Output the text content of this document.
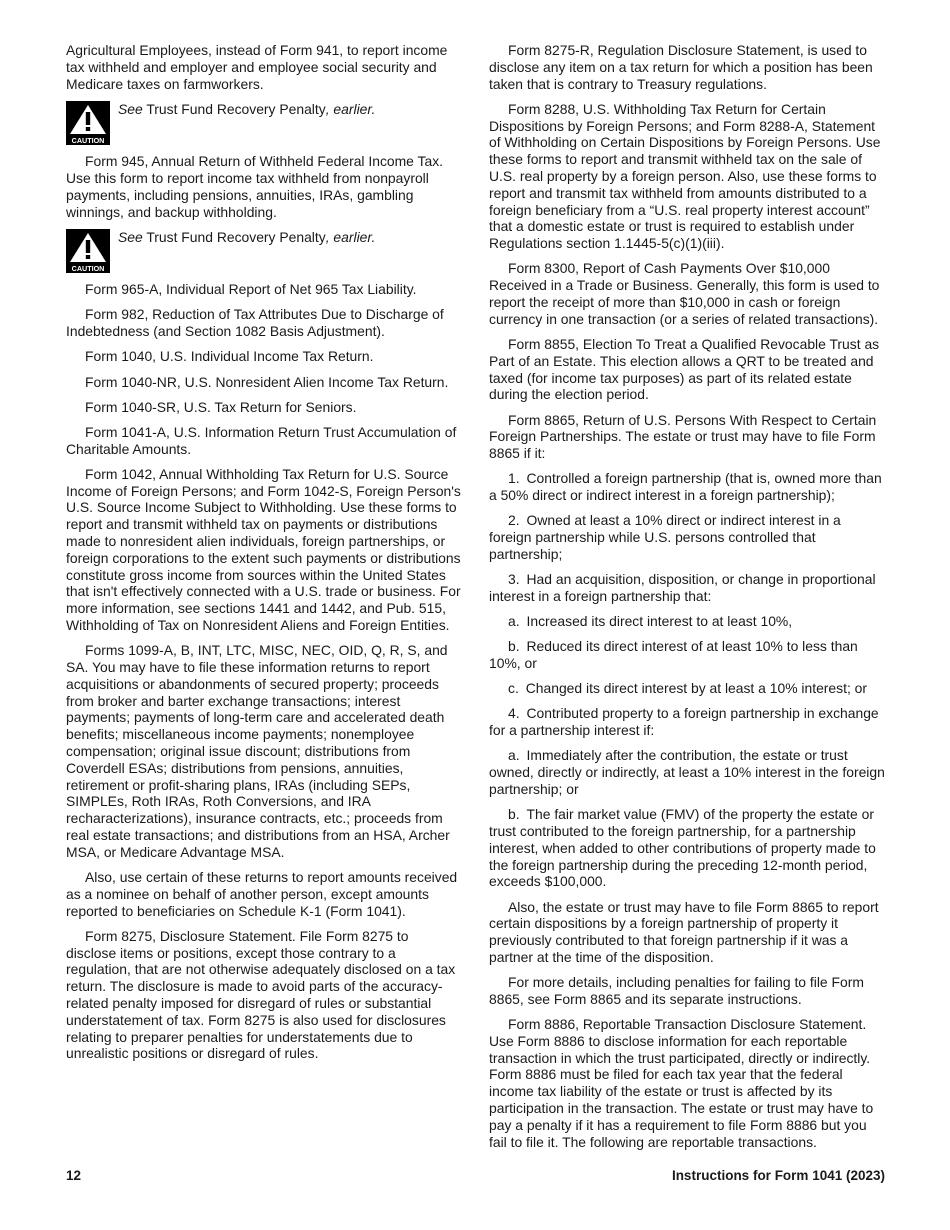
Agricultural Employees, instead of Form 941, to report income tax withheld and employer and employee social security and Medicare taxes on farmworkers.

CAUTION
See Trust Fund Recovery Penalty, earlier.

Form 945, Annual Return of Withheld Federal Income Tax. Use this form to report income tax withheld from nonpayroll payments, including pensions, annuities, IRAs, gambling winnings, and backup withholding.

CAUTION
See Trust Fund Recovery Penalty, earlier.

Form 965-A, Individual Report of Net 965 Tax Liability.

Form 982, Reduction of Tax Attributes Due to Discharge of Indebtedness (and Section 1082 Basis Adjustment).

Form 1040, U.S. Individual Income Tax Return.

Form 1040-NR, U.S. Nonresident Alien Income Tax Return.

Form 1040-SR, U.S. Tax Return for Seniors.

Form 1041-A, U.S. Information Return Trust Accumulation of Charitable Amounts.

Form 1042, Annual Withholding Tax Return for U.S. Source Income of Foreign Persons; and Form 1042-S, Foreign Person's U.S. Source Income Subject to Withholding. Use these forms to report and transmit withheld tax on payments or distributions made to nonresident alien individuals, foreign partnerships, or foreign corporations to the extent such payments or distributions constitute gross income from sources within the United States that isn't effectively connected with a U.S. trade or business. For more information, see sections 1441 and 1442, and Pub. 515, Withholding of Tax on Nonresident Aliens and Foreign Entities.

Forms 1099-A, B, INT, LTC, MISC, NEC, OID, Q, R, S, and SA. You may have to file these information returns to report acquisitions or abandonments of secured property; proceeds from broker and barter exchange transactions; interest payments; payments of long-term care and accelerated death benefits; miscellaneous income payments; nonemployee compensation; original issue discount; distributions from Coverdell ESAs; distributions from pensions, annuities, retirement or profit-sharing plans, IRAs (including SEPs, SIMPLEs, Roth IRAs, Roth Conversions, and IRA recharacterizations), insurance contracts, etc.; proceeds from real estate transactions; and distributions from an HSA, Archer MSA, or Medicare Advantage MSA.

Also, use certain of these returns to report amounts received as a nominee on behalf of another person, except amounts reported to beneficiaries on Schedule K-1 (Form 1041).

Form 8275, Disclosure Statement. File Form 8275 to disclose items or positions, except those contrary to a regulation, that are not otherwise adequately disclosed on a tax return. The disclosure is made to avoid parts of the accuracy-related penalty imposed for disregard of rules or substantial understatement of tax. Form 8275 is also used for disclosures relating to preparer penalties for understatements due to unrealistic positions or disregard of rules.

Form 8275-R, Regulation Disclosure Statement, is used to disclose any item on a tax return for which a position has been taken that is contrary to Treasury regulations.

Form 8288, U.S. Withholding Tax Return for Certain Dispositions by Foreign Persons; and Form 8288-A, Statement of Withholding on Certain Dispositions by Foreign Persons. Use these forms to report and transmit withheld tax on the sale of U.S. real property by a foreign person. Also, use these forms to report and transmit tax withheld from amounts distributed to a foreign beneficiary from a “U.S. real property interest account” that a domestic estate or trust is required to establish under Regulations section 1.1445-5(c)(1)(iii).

Form 8300, Report of Cash Payments Over $10,000 Received in a Trade or Business. Generally, this form is used to report the receipt of more than $10,000 in cash or foreign currency in one transaction (or a series of related transactions).

Form 8855, Election To Treat a Qualified Revocable Trust as Part of an Estate. This election allows a QRT to be treated and taxed (for income tax purposes) as part of its related estate during the election period.

Form 8865, Return of U.S. Persons With Respect to Certain Foreign Partnerships. The estate or trust may have to file Form 8865 if it:

1. Controlled a foreign partnership (that is, owned more than a 50% direct or indirect interest in a foreign partnership);

2. Owned at least a 10% direct or indirect interest in a foreign partnership while U.S. persons controlled that partnership;

3. Had an acquisition, disposition, or change in proportional interest in a foreign partnership that:

a. Increased its direct interest to at least 10%,

b. Reduced its direct interest of at least 10% to less than 10%, or

c. Changed its direct interest by at least a 10% interest; or

4. Contributed property to a foreign partnership in exchange for a partnership interest if:

a. Immediately after the contribution, the estate or trust owned, directly or indirectly, at least a 10% interest in the foreign partnership; or

b. The fair market value (FMV) of the property the estate or trust contributed to the foreign partnership, for a partnership interest, when added to other contributions of property made to the foreign partnership during the preceding 12-month period, exceeds $100,000.

Also, the estate or trust may have to file Form 8865 to report certain dispositions by a foreign partnership of property it previously contributed to that foreign partnership if it was a partner at the time of the disposition.

For more details, including penalties for failing to file Form 8865, see Form 8865 and its separate instructions.

Form 8886, Reportable Transaction Disclosure Statement. Use Form 8886 to disclose information for each reportable transaction in which the trust participated, directly or indirectly. Form 8886 must be filed for each tax year that the federal income tax liability of the estate or trust is affected by its participation in the transaction. The estate or trust may have to pay a penalty if it has a requirement to file Form 8886 but you fail to file it. The following are reportable transactions.

12	Instructions for Form 1041 (2023)
